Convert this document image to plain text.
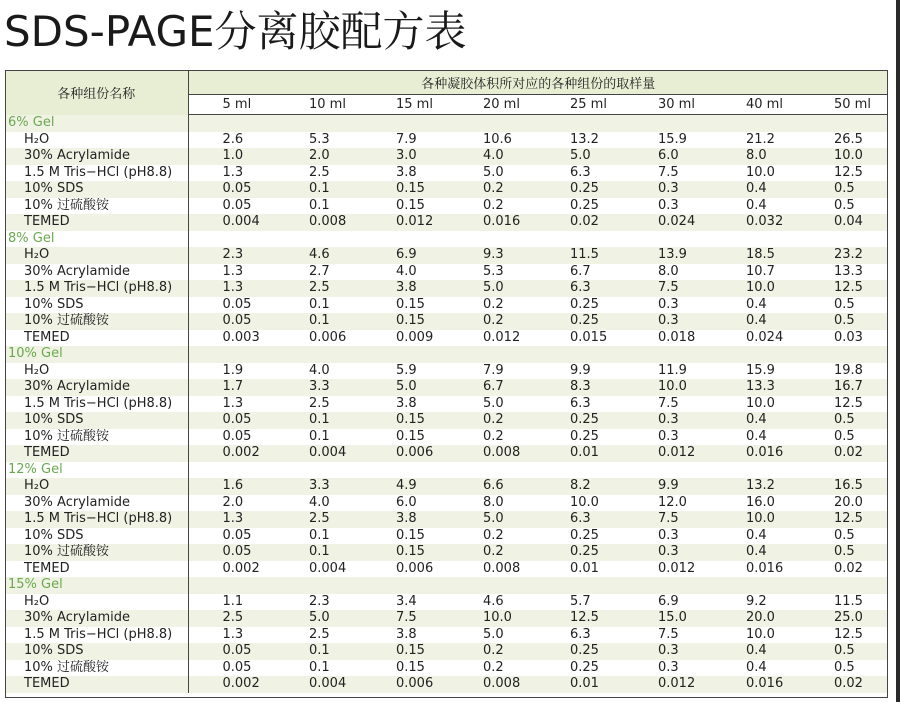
SDS-PAGE分离胶配方表
各种组份名称	各种凝胶体积所对应的各种组份的取样量							
	5 ml	10 ml	15 ml	20 ml	25 ml	30 ml	40 ml	50 ml
6% Gel								
H₂O	2.6	5.3	7.9	10.6	13.2	15.9	21.2	26.5
30% Acrylamide	1.0	2.0	3.0	4.0	5.0	6.0	8.0	10.0
1.5 M Tris−HCl (pH8.8)	1.3	2.5	3.8	5.0	6.3	7.5	10.0	12.5
10% SDS	0.05	0.1	0.15	0.2	0.25	0.3	0.4	0.5
10% 过硫酸铵	0.05	0.1	0.15	0.2	0.25	0.3	0.4	0.5
TEMED	0.004	0.008	0.012	0.016	0.02	0.024	0.032	0.04
8% Gel								
H₂O	2.3	4.6	6.9	9.3	11.5	13.9	18.5	23.2
30% Acrylamide	1.3	2.7	4.0	5.3	6.7	8.0	10.7	13.3
1.5 M Tris−HCl (pH8.8)	1.3	2.5	3.8	5.0	6.3	7.5	10.0	12.5
10% SDS	0.05	0.1	0.15	0.2	0.25	0.3	0.4	0.5
10% 过硫酸铵	0.05	0.1	0.15	0.2	0.25	0.3	0.4	0.5
TEMED	0.003	0.006	0.009	0.012	0.015	0.018	0.024	0.03
10% Gel								
H₂O	1.9	4.0	5.9	7.9	9.9	11.9	15.9	19.8
30% Acrylamide	1.7	3.3	5.0	6.7	8.3	10.0	13.3	16.7
1.5 M Tris−HCl (pH8.8)	1.3	2.5	3.8	5.0	6.3	7.5	10.0	12.5
10% SDS	0.05	0.1	0.15	0.2	0.25	0.3	0.4	0.5
10% 过硫酸铵	0.05	0.1	0.15	0.2	0.25	0.3	0.4	0.5
TEMED	0.002	0.004	0.006	0.008	0.01	0.012	0.016	0.02
12% Gel								
H₂O	1.6	3.3	4.9	6.6	8.2	9.9	13.2	16.5
30% Acrylamide	2.0	4.0	6.0	8.0	10.0	12.0	16.0	20.0
1.5 M Tris−HCl (pH8.8)	1.3	2.5	3.8	5.0	6.3	7.5	10.0	12.5
10% SDS	0.05	0.1	0.15	0.2	0.25	0.3	0.4	0.5
10% 过硫酸铵	0.05	0.1	0.15	0.2	0.25	0.3	0.4	0.5
TEMED	0.002	0.004	0.006	0.008	0.01	0.012	0.016	0.02
15% Gel								
H₂O	1.1	2.3	3.4	4.6	5.7	6.9	9.2	11.5
30% Acrylamide	2.5	5.0	7.5	10.0	12.5	15.0	20.0	25.0
1.5 M Tris−HCl (pH8.8)	1.3	2.5	3.8	5.0	6.3	7.5	10.0	12.5
10% SDS	0.05	0.1	0.15	0.2	0.25	0.3	0.4	0.5
10% 过硫酸铵	0.05	0.1	0.15	0.2	0.25	0.3	0.4	0.5
TEMED	0.002	0.004	0.006	0.008	0.01	0.012	0.016	0.02
